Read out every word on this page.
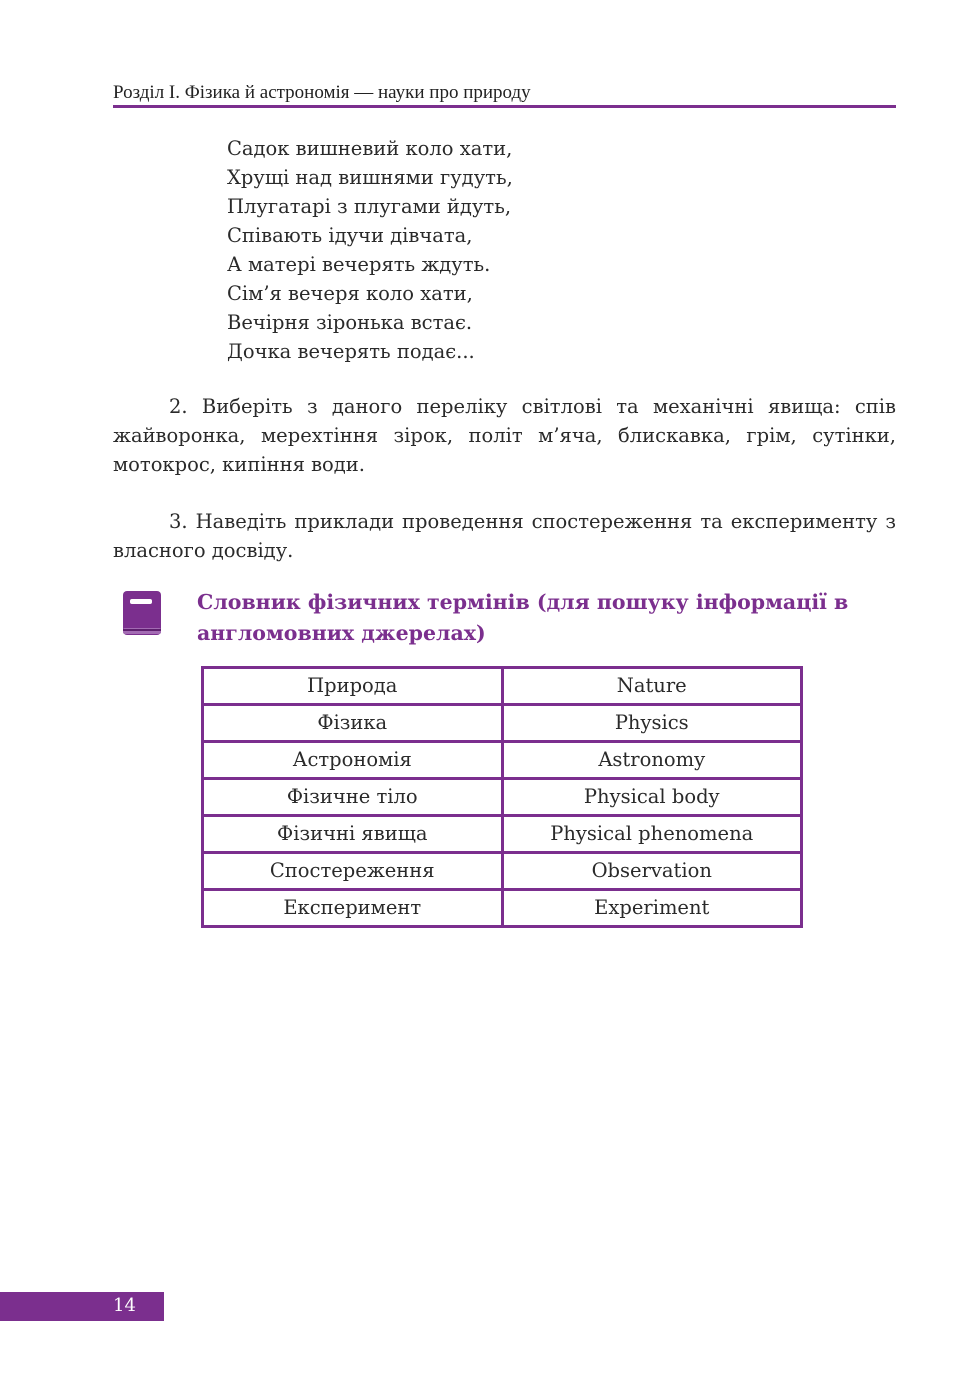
Розділ I. Фізика й астрономія — науки про природу
Садок вишневий коло хати,
Хрущі над вишнями гудуть,
Плугатарі з плугами йдуть,
Співають ідучи дівчата,
А матері вечерять ждуть.
Сім’я вечеря коло хати,
Вечірня зіронька встає.
Дочка вечерять подає...
2. Виберіть з даного переліку світлові та механічні явища: спів жайворонка, мерехтіння зірок, політ м’яча, блискавка, грім, сутінки, мотокрос, кипіння води.
3. Наведіть приклади проведення спостереження та експерименту з власного досвіду.
Словник фізичних термінів (для пошуку інформації в англомовних джерелах)
Природа	Nature
Фізика	Physics
Астрономія	Astronomy
Фізичне тіло	Physical body
Фізичні явища	Physical phenomena
Спостереження	Observation
Експеримент	Experiment
14
